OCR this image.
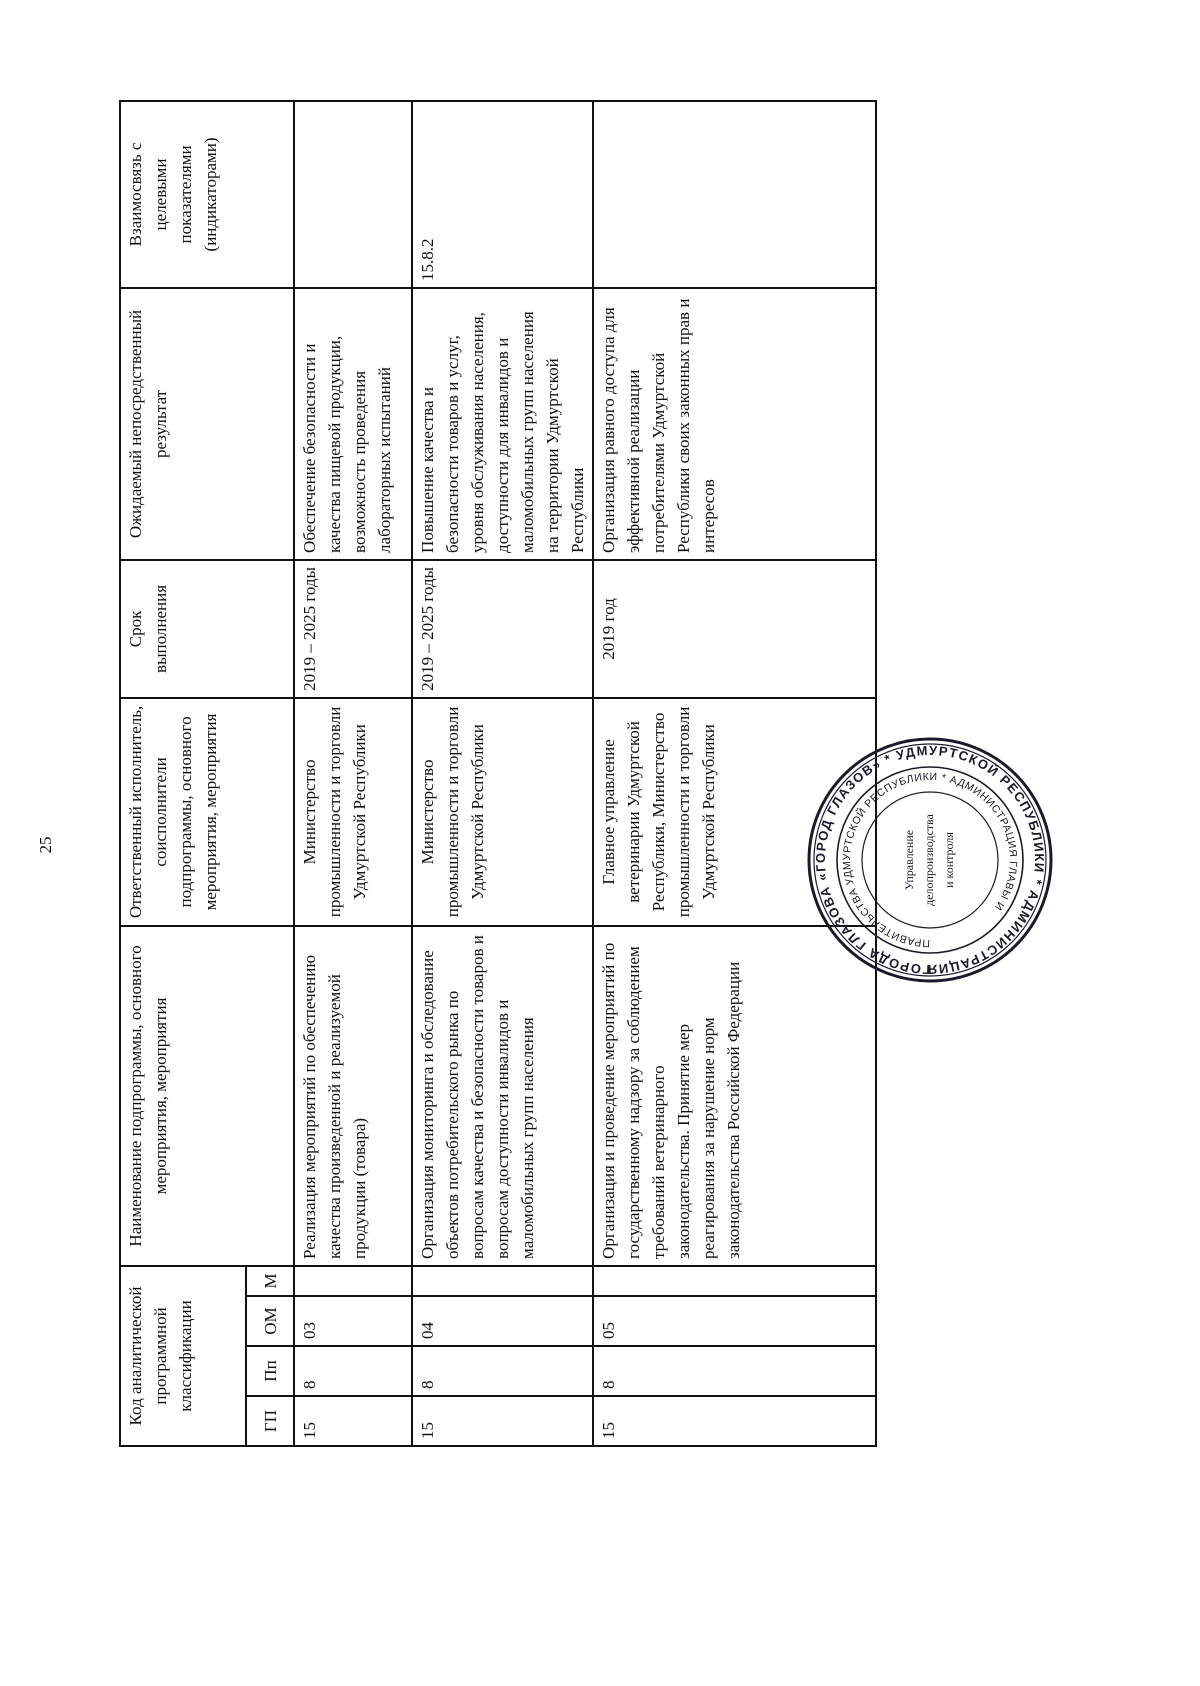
25
Код аналитической программной классификации				Наименование подпрограммы, основного мероприятия, мероприятия	Ответственный исполнитель, соисполнители подпрограммы, основного мероприятия, мероприятия	Срок выполнения	Ожидаемый непосредственный результат	Взаимосвязь с целевыми показателями (индикаторами)
ГП	Пп	ОМ	М					
15	8	03		Реализация мероприятий по обеспечению качества произведенной и реализуемой продукции (товара)	Министерство промышленности и торговли Удмуртской Республики	2019 – 2025 годы	Обеспечение безопасности и качества пищевой продукции, возможность проведения лабораторных испытаний	
15	8	04		Организация мониторинга и обследование объектов потребительского рынка по вопросам качества и безопасности товаров и вопросам доступности инвалидов и маломобильных групп населения	Министерство промышленности и торговли Удмуртской Республики	2019 – 2025 годы	Повышение качества и безопасности товаров и услуг, уровня обслуживания населения, доступности для инвалидов и маломобильных групп населения на территории Удмуртской Республики	15.8.2
15	8	05		Организация и проведение мероприятий по государственному надзору за соблюдением требований ветеринарного законодательства. Принятие мер реагирования за нарушение норм законодательства Российской Федерации	Главное управление ветеринарии Удмуртской Республики, Министерство промышленности и торговли Удмуртской Республики	2019 год	Организация равного доступа для эффективной реализации потребителями Удмуртской Республики своих законных прав и интересов	
ГОРОДА ГЛАЗОВА «ГОРОД ГЛАЗОВ» * УДМУРТСКОЙ РЕСПУБЛИКИ * АДМИНИСТРАЦИЯ
ПРАВИТЕЛЬСТВА УДМУРТСКОЙ РЕСПУБЛИКИ * АДМИНИСТРАЦИЯ ГЛАВЫ И
Управление делопроизводства и контроля
